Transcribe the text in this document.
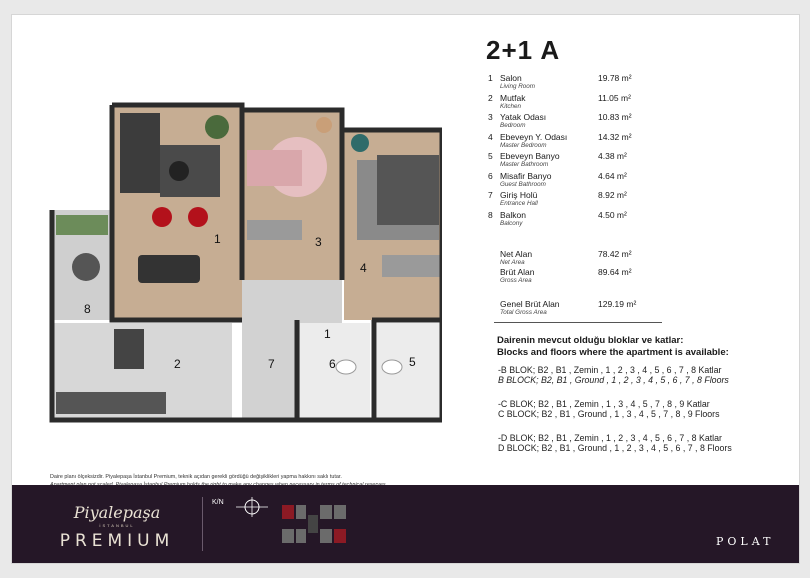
1
2
3
4
5
6
7
8
1
2+1 A
1 Salon
Living Room
19.78 m²
2 Mutfak
Kitchen
11.05 m²
3 Yatak Odası
Bedroom
10.83 m²
4 Ebeveyn Y. Odası
Master Bedroom
14.32 m²
5 Ebeveyn Banyo
Master Bathroom
4.38 m²
6 Misafir Banyo
Guest Bathroom
4.64 m²
7 Giriş Holü
Entrance Hall
8.92 m²
8 Balkon
Balcony
4.50 m²
Net Alan
Net Area
78.42 m²
Brüt Alan
Gross Area
89.64 m²
Genel Brüt Alan
Total Gross Area
129.19 m²
Dairenin mevcut olduğu bloklar ve katlar:
Blocks and floors where the apartment is available:
-B BLOK; B2 , B1 , Zemin , 1 , 2 , 3 , 4 , 5 , 6 , 7 , 8 Katlar
B BLOCK; B2, B1 , Ground , 1 , 2 , 3 , 4 , 5 , 6 , 7 , 8 Floors
-C BLOK; B2 , B1 , Zemin , 1 , 3 , 4 , 5 , 7 , 8 , 9 Katlar
C BLOCK; B2 , B1 , Ground , 1 , 3 , 4 , 5 , 7 , 8 , 9 Floors
-D BLOK; B2 , B1 , Zemin , 1 , 2 , 3 , 4 , 5 , 6 , 7 , 8 Katlar
D BLOCK; B2 , B1 , Ground , 1 , 2 , 3 , 4 , 5 , 6 , 7 , 8 Floors
Daire planı ölçeksizdir. Piyalepaşa İstanbul Premium, teknik açıdan gerekli gördüğü değişiklikleri yapma hakkını saklı tutar.
Piyalepaşa
İSTANBUL
PREMIUM
K/N
POLAT
